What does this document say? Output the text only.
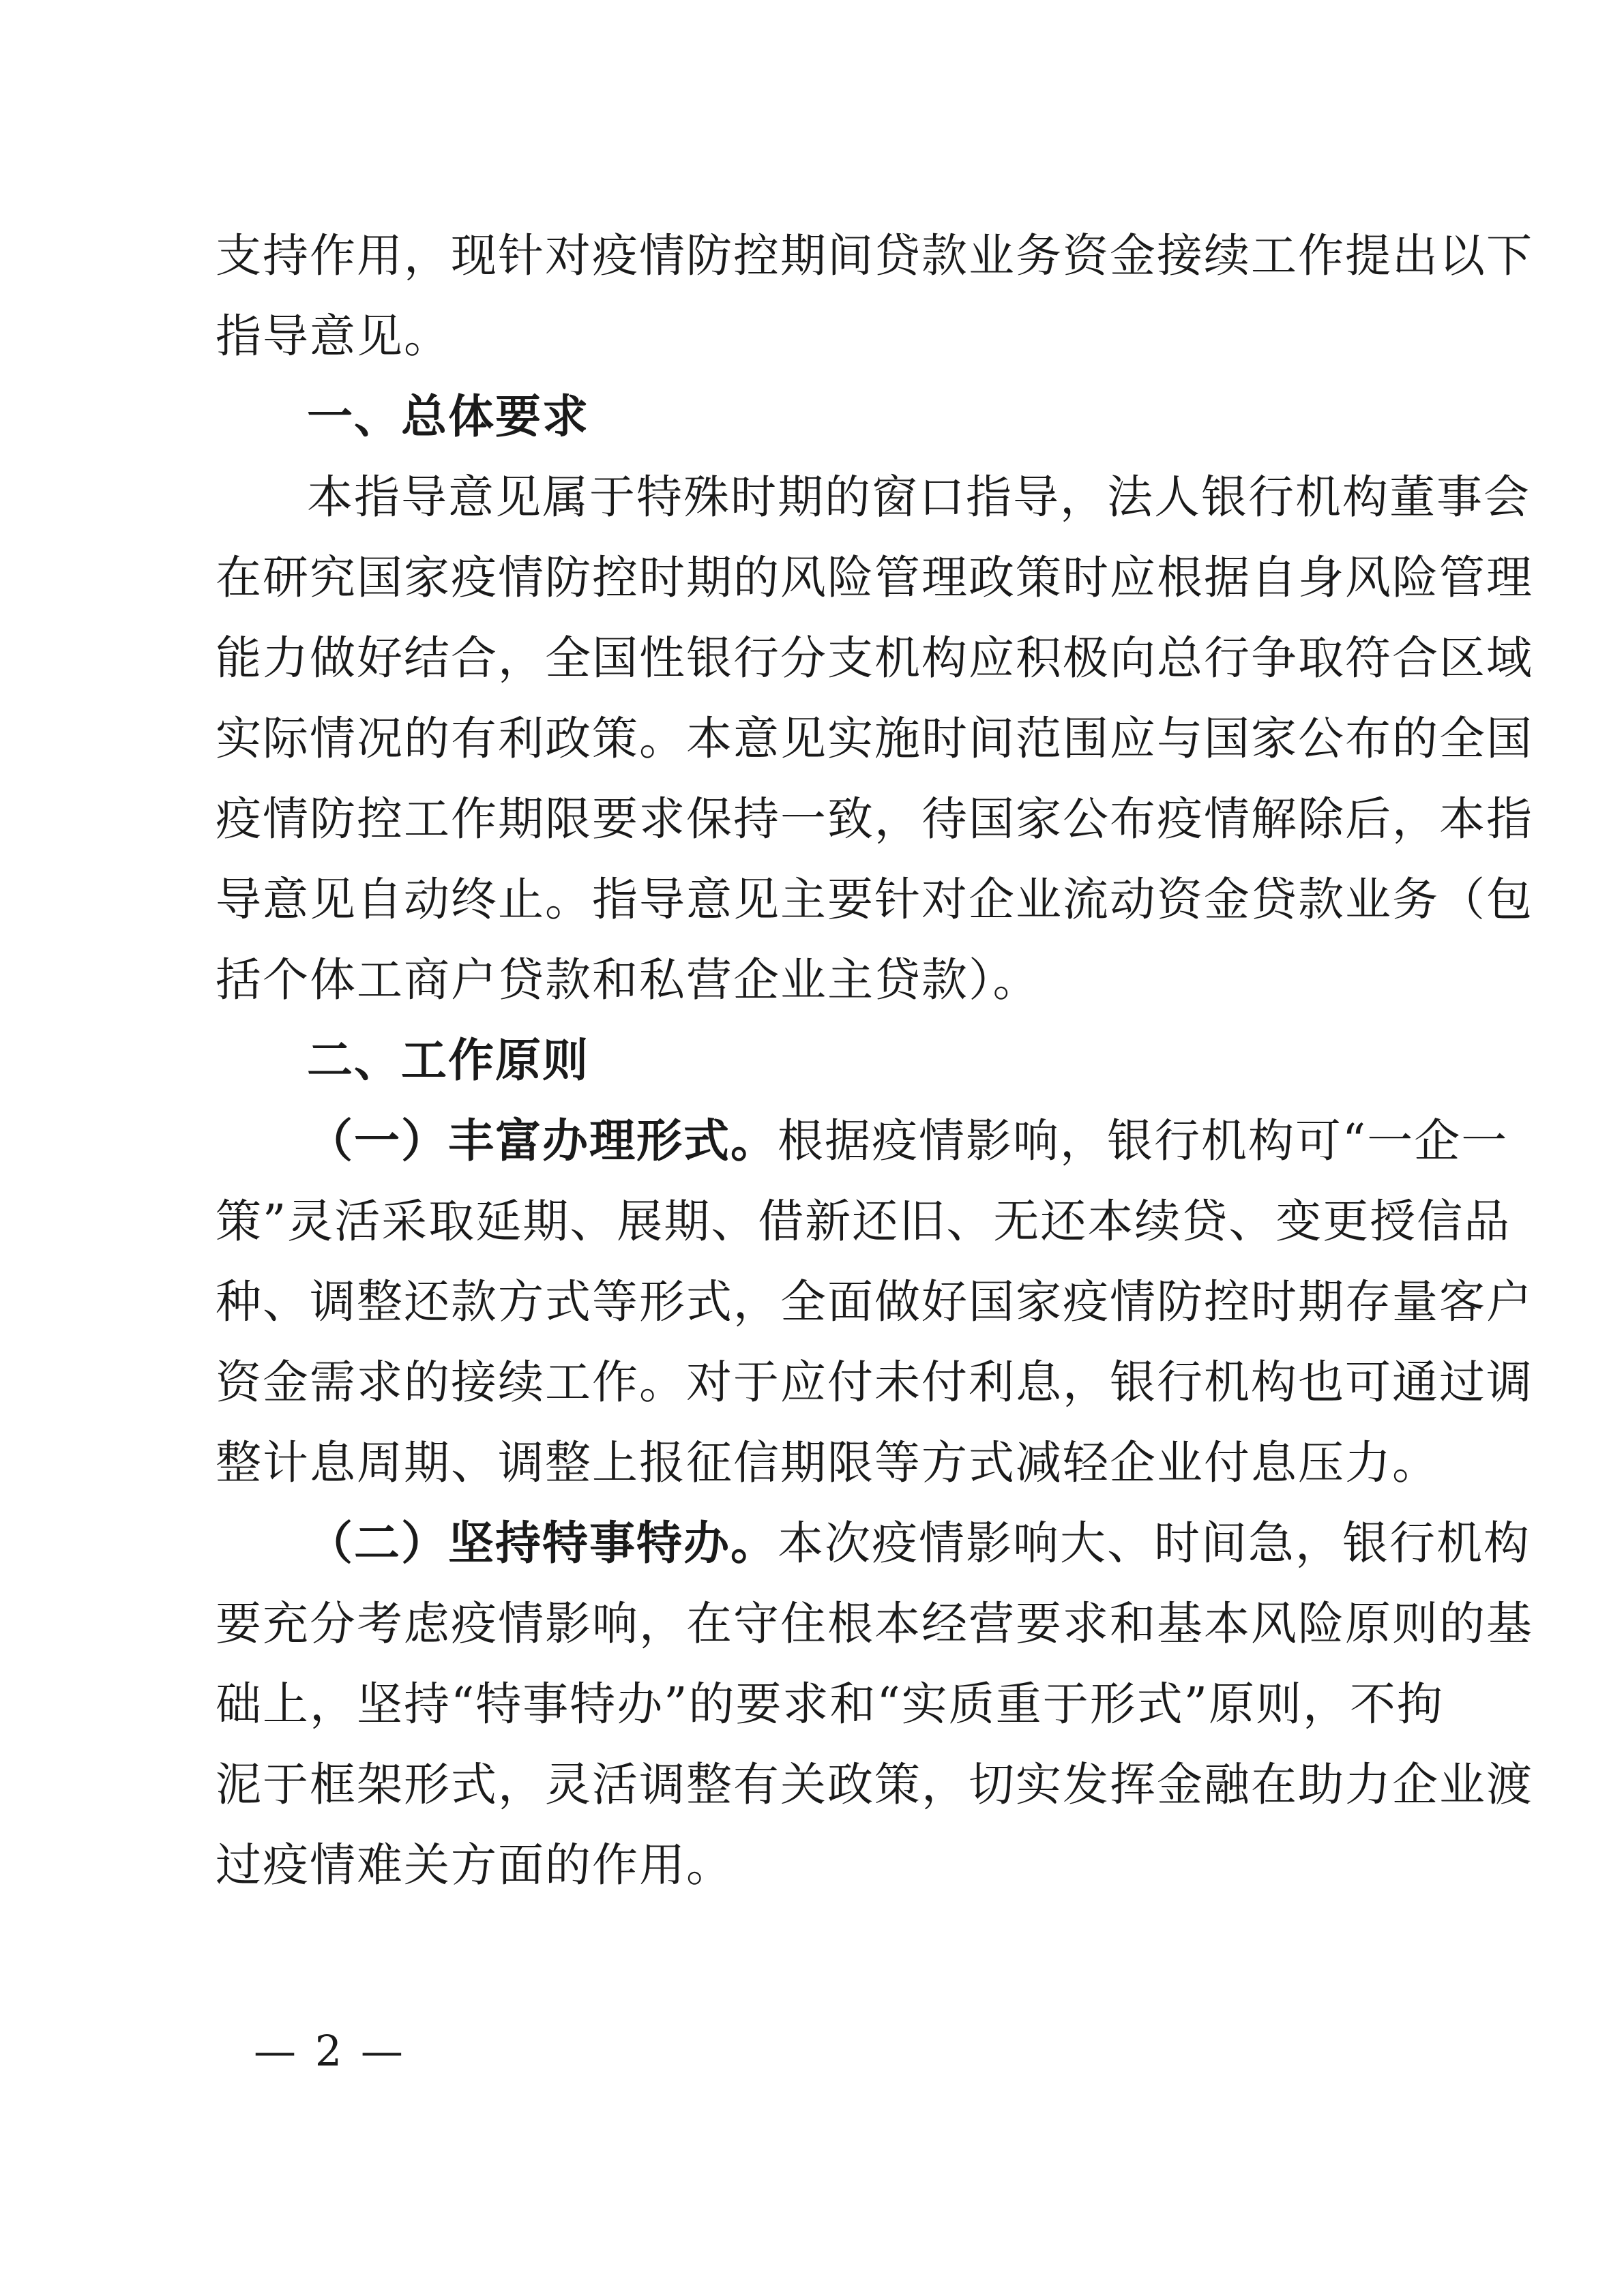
支持作用，现针对疫情防控期间贷款业务资金接续工作提出以下
指导意见。
一、总体要求
本指导意见属于特殊时期的窗口指导，法人银行机构董事会
在研究国家疫情防控时期的风险管理政策时应根据自身风险管理
能力做好结合，全国性银行分支机构应积极向总行争取符合区域
实际情况的有利政策。本意见实施时间范围应与国家公布的全国
疫情防控工作期限要求保持一致，待国家公布疫情解除后，本指
导意见自动终止。指导意见主要针对企业流动资金贷款业务（包
括个体工商户贷款和私营企业主贷款）。
二、工作原则
（一）丰富办理形式。根据疫情影响，银行机构可“一企一
策”灵活采取延期、展期、借新还旧、无还本续贷、变更授信品
种、调整还款方式等形式，全面做好国家疫情防控时期存量客户
资金需求的接续工作。对于应付未付利息，银行机构也可通过调
整计息周期、调整上报征信期限等方式减轻企业付息压力。
（二）坚持特事特办。本次疫情影响大、时间急，银行机构
要充分考虑疫情影响，在守住根本经营要求和基本风险原则的基
础上，坚持“特事特办”的要求和“实质重于形式”原则，不拘
泥于框架形式，灵活调整有关政策，切实发挥金融在助力企业渡
过疫情难关方面的作用。
— 2 —
